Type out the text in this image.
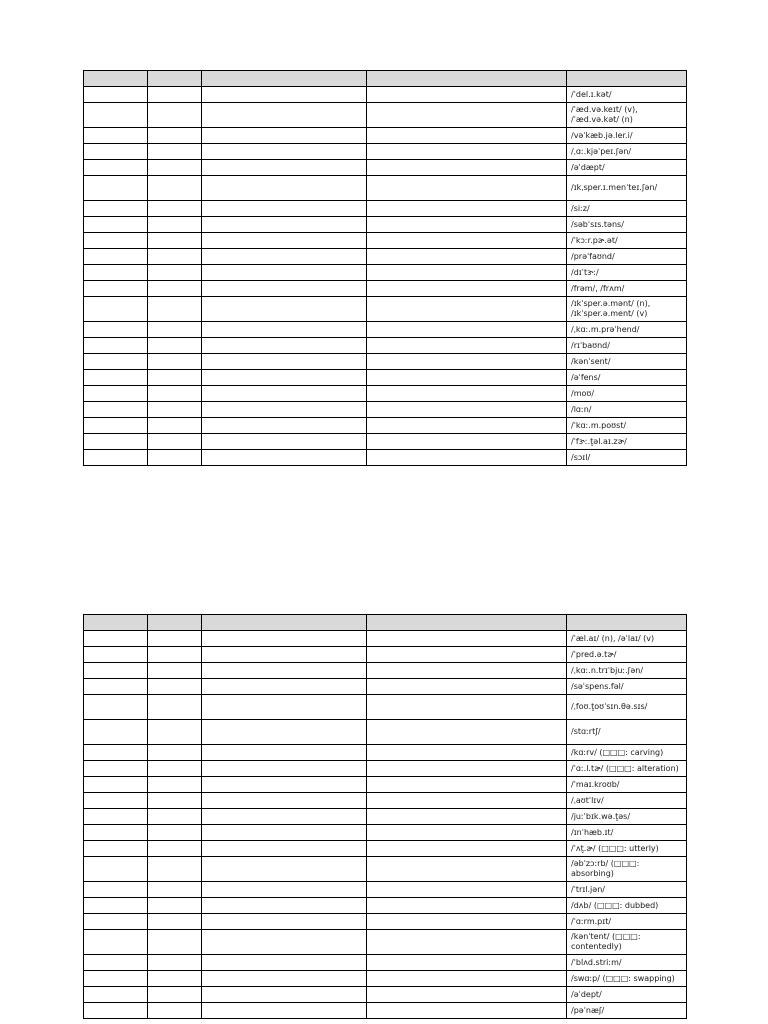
				/ˈdel.ɪ.kət/
				/ˈæd.və.keɪt/ (v),
/ˈæd.və.kət/ (n)
				/vəˈkæb.jə.ler.i/
				/ˌɑː.kjəˈpeɪ.ʃən/
				/əˈdæpt/
				/ɪkˌsper.ɪ.menˈteɪ.ʃən/
				/siːz/
				/səbˈsɪs.təns/
				/ˈkɔːr.pɚ.ət/
				/prəˈfaʊnd/
				/dɪˈtɝː/
				/frəm/, /frʌm/
				/ɪkˈsper.ə.mənt/ (n),
/ɪkˈsper.ə.ment/ (v)
				/ˌkɑː.m.prəˈhend/
				/rɪˈbaʊnd/
				/kənˈsent/
				/əˈfens/
				/moʊ/
				/lɑːn/
				/ˈkɑː.m.poʊst/
				/ˈfɝː.t̬əl.aɪ.zɚ/
				/sɔɪl/

				/ˈæl.aɪ/ (n), /əˈlaɪ/ (v)
				/ˈpred.ə.tɚ/
				/ˌkɑː.n.trɪˈbjuː.ʃən/
				/səˈspens.fəl/
				/ˌfoʊ.t̬oʊˈsɪn.θə.sɪs/
				/stɑːrtʃ/
				/kɑːrv/ (□□□: carving)
				/ˈɑː.l.tɚ/ (□□□: alteration)
				/ˈmaɪ.kroʊb/
				/ˌaʊtˈlɪv/
				/juːˈbɪk.wə.t̬əs/
				/ɪnˈhæb.ɪt/
				/ˈʌt̬.ɚ/ (□□□: utterly)
				/əbˈzɔːrb/ (□□□:
absorbing)
				/ˈtrɪl.jən/
				/dʌb/ (□□□: dubbed)
				/ˈɑːrm.pɪt/
				/kənˈtent/ (□□□:
contentedly)
				/ˈblʌd.striːm/
				/swɑːp/ (□□□: swapping)
				/əˈdept/
				/pəˈnæʃ/
